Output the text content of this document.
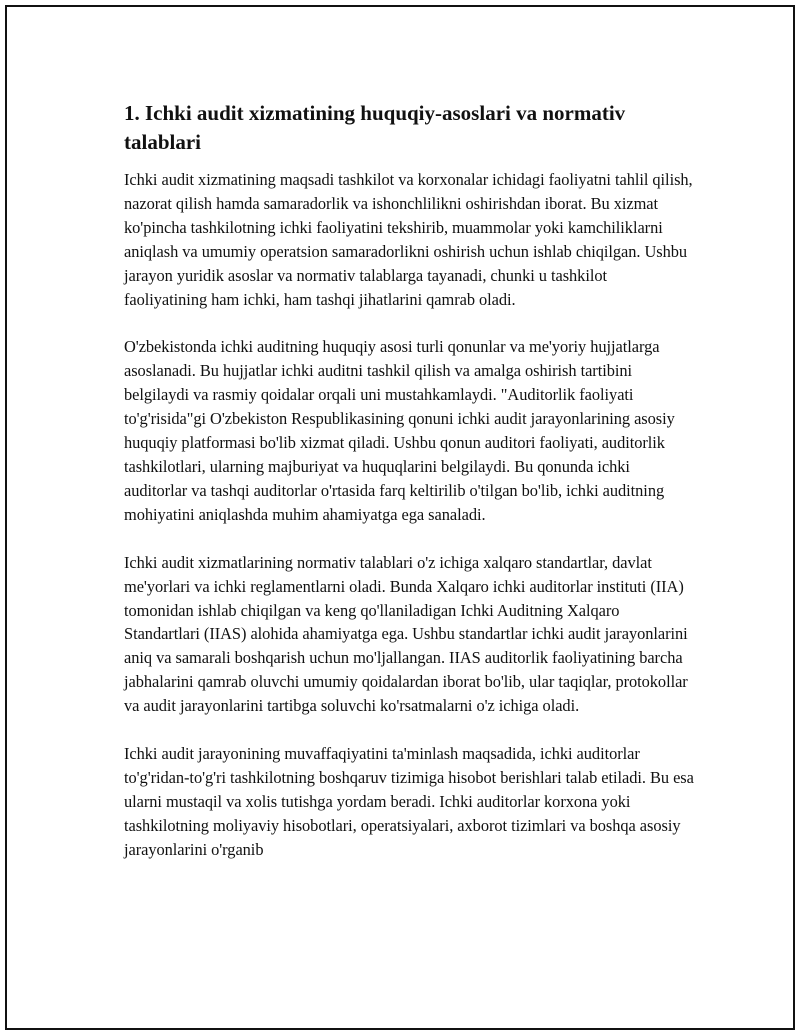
1. Ichki audit xizmatining huquqiy-asoslari va normativ talablari

Ichki audit xizmatining maqsadi tashkilot va korxonalar ichidagi faoliyatni tahlil qilish, nazorat qilish hamda samaradorlik va ishonchlilikni oshirishdan iborat. Bu xizmat ko'pincha tashkilotning ichki faoliyatini tekshirib, muammolar yoki kamchiliklarni aniqlash va umumiy operatsion samaradorlikni oshirish uchun ishlab chiqilgan. Ushbu jarayon yuridik asoslar va normativ talablarga tayanadi, chunki u tashkilot faoliyatining ham ichki, ham tashqi jihatlarini qamrab oladi.

O'zbekistonda ichki auditning huquqiy asosi turli qonunlar va me'yoriy hujjatlarga asoslanadi. Bu hujjatlar ichki auditni tashkil qilish va amalga oshirish tartibini belgilaydi va rasmiy qoidalar orqali uni mustahkamlaydi. "Auditorlik faoliyati to'g'risida"gi O'zbekiston Respublikasining qonuni ichki audit jarayonlarining asosiy huquqiy platformasi bo'lib xizmat qiladi. Ushbu qonun auditori faoliyati, auditorlik tashkilotlari, ularning majburiyat va huquqlarini belgilaydi. Bu qonunda ichki auditorlar va tashqi auditorlar o'rtasida farq keltirilib o'tilgan bo'lib, ichki auditning mohiyatini aniqlashda muhim ahamiyatga ega sanaladi.

Ichki audit xizmatlarining normativ talablari o'z ichiga xalqaro standartlar, davlat me'yorlari va ichki reglamentlarni oladi. Bunda Xalqaro ichki auditorlar instituti (IIA) tomonidan ishlab chiqilgan va keng qo'llaniladigan Ichki Auditning Xalqaro Standartlari (IIAS) alohida ahamiyatga ega. Ushbu standartlar ichki audit jarayonlarini aniq va samarali boshqarish uchun mo'ljallangan. IIAS auditorlik faoliyatining barcha jabhalarini qamrab oluvchi umumiy qoidalardan iborat bo'lib, ular taqiqlar, protokollar va audit jarayonlarini tartibga soluvchi ko'rsatmalarni o'z ichiga oladi.

Ichki audit jarayonining muvaffaqiyatini ta'minlash maqsadida, ichki auditorlar to'g'ridan-to'g'ri tashkilotning boshqaruv tizimiga hisobot berishlari talab etiladi. Bu esa ularni mustaqil va xolis tutishga yordam beradi. Ichki auditorlar korxona yoki tashkilotning moliyaviy hisobotlari, operatsiyalari, axborot tizimlari va boshqa asosiy jarayonlarini o'rganib
